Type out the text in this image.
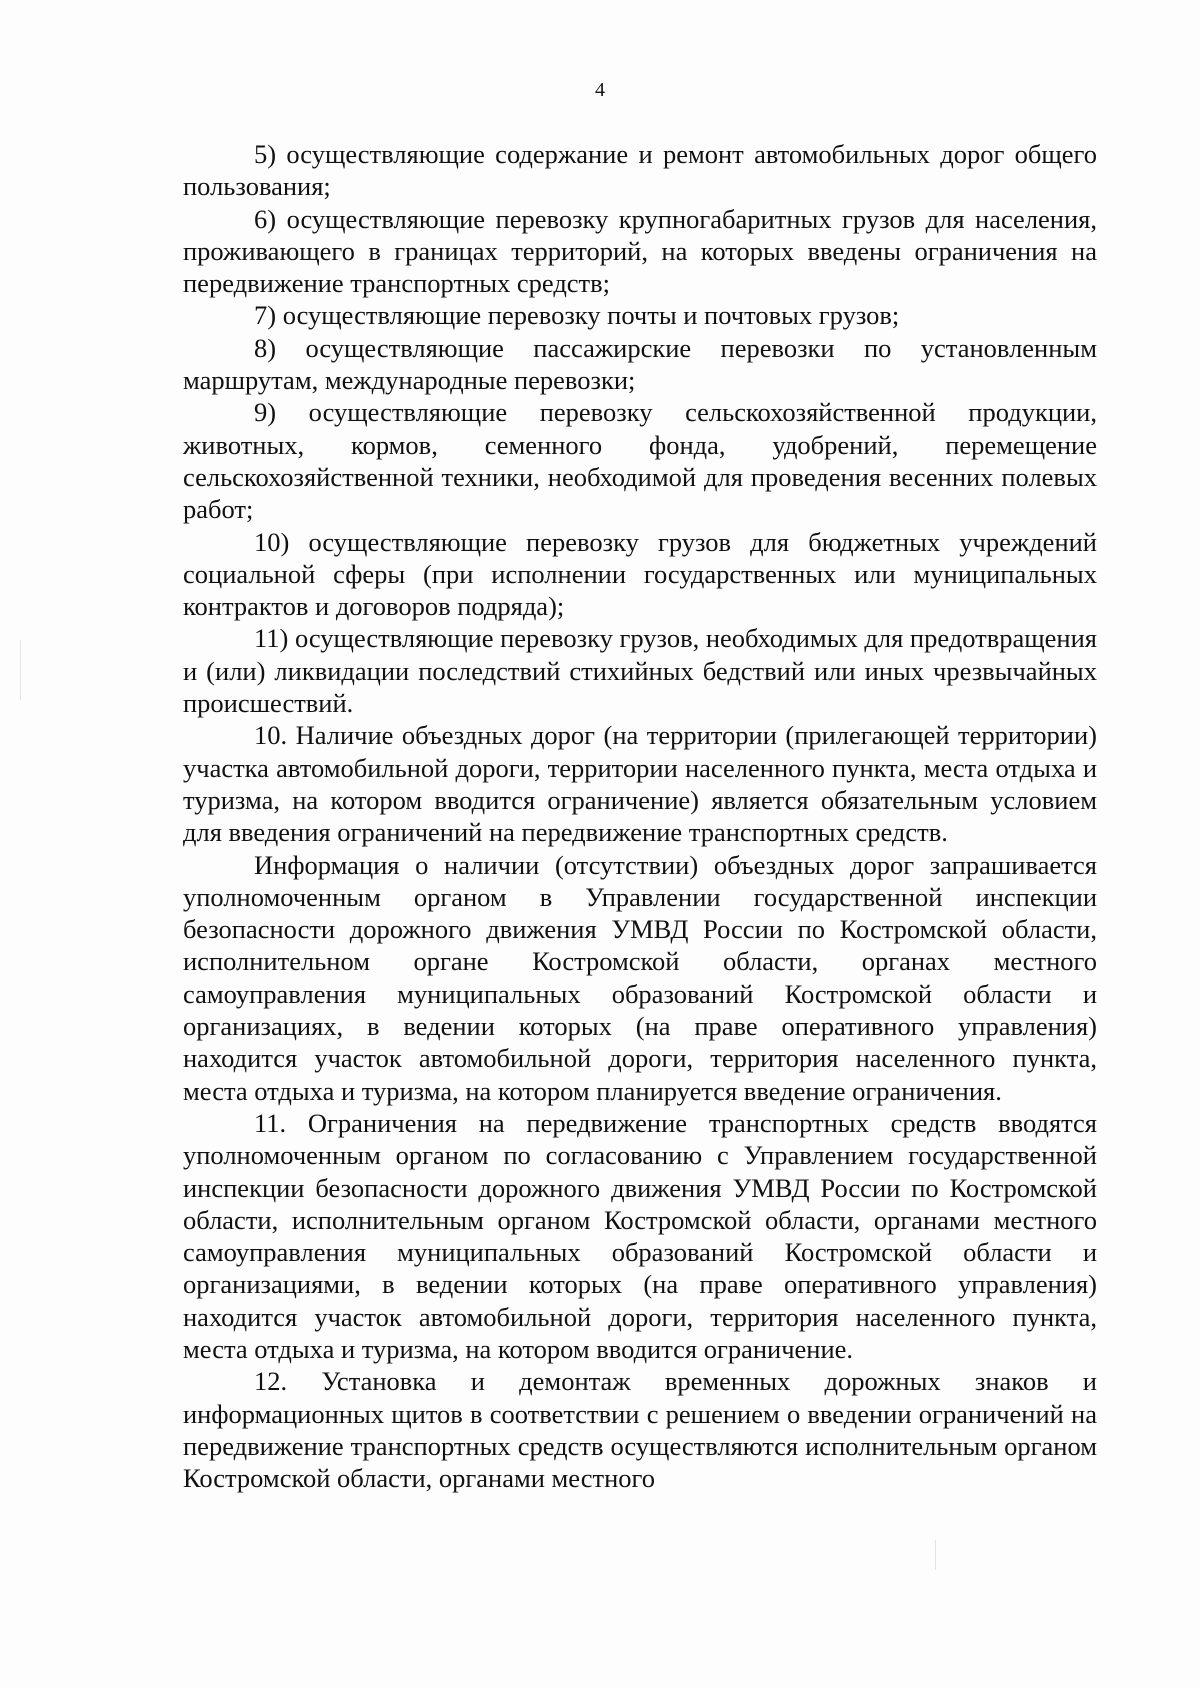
4

5) осуществляющие содержание и ремонт автомобильных дорог общего пользования;

6) осуществляющие перевозку крупногабаритных грузов для населения, проживающего в границах территорий, на которых введены ограничения на передвижение транспортных средств;

7) осуществляющие перевозку почты и почтовых грузов;

8) осуществляющие пассажирские перевозки по установленным маршрутам, международные перевозки;

9) осуществляющие перевозку сельскохозяйственной продукции, животных, кормов, семенного фонда, удобрений, перемещение сельскохозяйственной техники, необходимой для проведения весенних полевых работ;

10) осуществляющие перевозку грузов для бюджетных учреждений социальной сферы (при исполнении государственных или муниципальных контрактов и договоров подряда);

11) осуществляющие перевозку грузов, необходимых для предотвращения и (или) ликвидации последствий стихийных бедствий или иных чрезвычайных происшествий.

10. Наличие объездных дорог (на территории (прилегающей территории) участка автомобильной дороги, территории населенного пункта, места отдыха и туризма, на котором вводится ограничение) является обязательным условием для введения ограничений на передвижение транспортных средств.

Информация о наличии (отсутствии) объездных дорог запрашивается уполномоченным органом в Управлении государственной инспекции безопасности дорожного движения УМВД России по Костромской области, исполнительном органе Костромской области, органах местного самоуправления муниципальных образований Костромской области и организациях, в ведении которых (на праве оперативного управления) находится участок автомобильной дороги, территория населенного пункта, места отдыха и туризма, на котором планируется введение ограничения.

11. Ограничения на передвижение транспортных средств вводятся уполномоченным органом по согласованию с Управлением государственной инспекции безопасности дорожного движения УМВД России по Костромской области, исполнительным органом Костромской области, органами местного самоуправления муниципальных образований Костромской области и организациями, в ведении которых (на праве оперативного управления) находится участок автомобильной дороги, территория населенного пункта, места отдыха и туризма, на котором вводится ограничение.

12. Установка и демонтаж временных дорожных знаков и информационных щитов в соответствии с решением о введении ограничений на передвижение транспортных средств осуществляются исполнительным органом Костромской области, органами местного
